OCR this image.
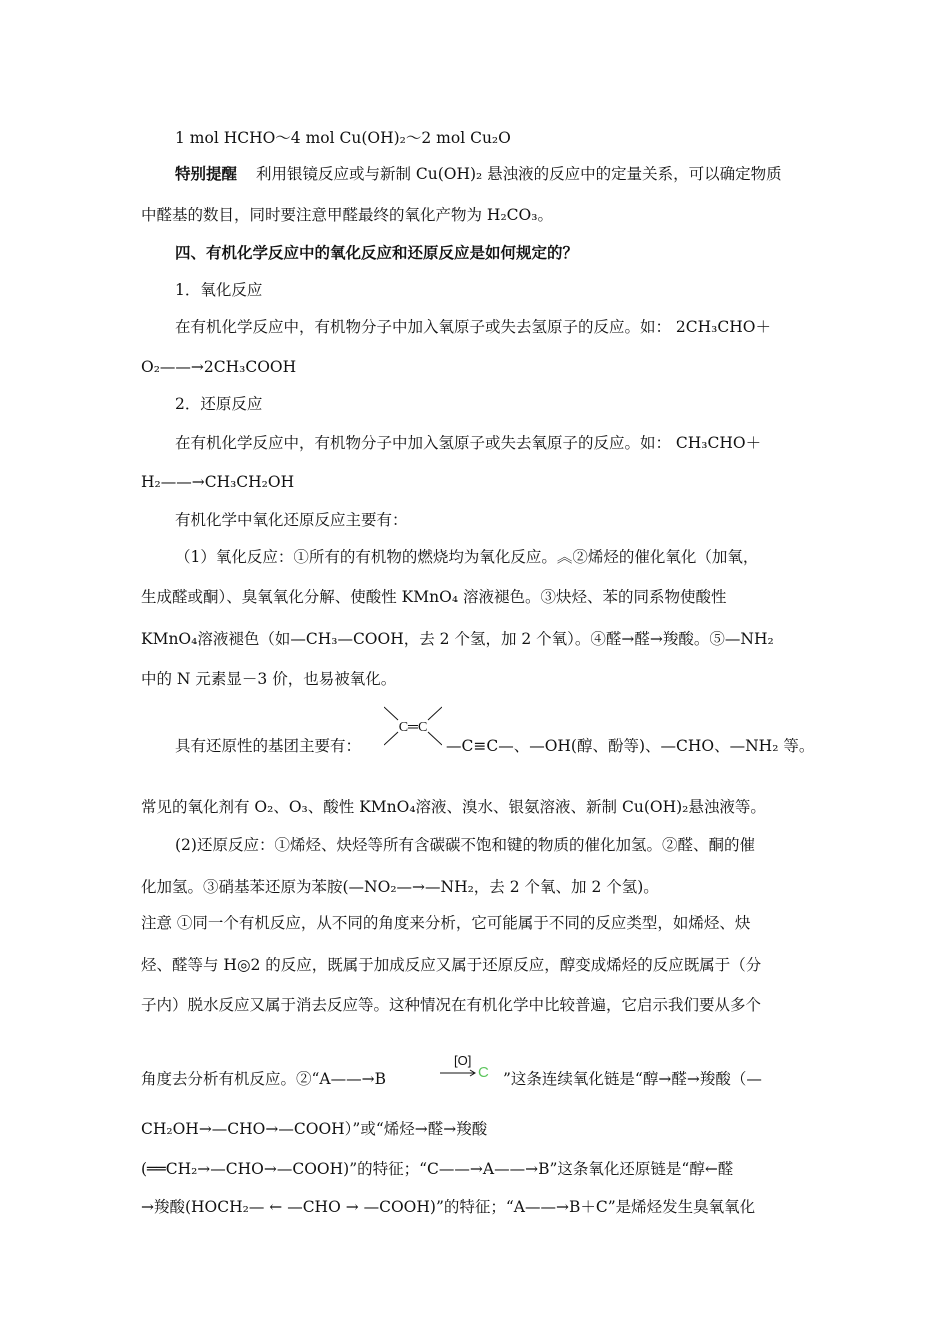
1 mol HCHO～4 mol Cu(OH)₂～2 mol Cu₂O
特别提醒 利用银镜反应或与新制 Cu(OH)₂ 悬浊液的反应中的定量关系，可以确定物质
中醛基的数目，同时要注意甲醛最终的氧化产物为 H₂CO₃。
四、有机化学反应中的氧化反应和还原反应是如何规定的？
1．氧化反应
在有机化学反应中，有机物分子中加入氧原子或失去氢原子的反应。如： 2CH₃CHO＋
O₂——→2CH₃COOH
2．还原反应
在有机化学反应中，有机物分子中加入氢原子或失去氧原子的反应。如： CH₃CHO＋
H₂——→CH₃CH₂OH
有机化学中氧化还原反应主要有：
（1）氧化反应：①所有的有机物的燃烧均为氧化反应。︽②烯烃的催化氧化（加氧，
生成醛或酮）、臭氧氧化分解、使酸性 KMnO₄ 溶液褪色。③炔烃、苯的同系物使酸性
KMnO₄溶液褪色（如—CH₃—COOH，去 2 个氢，加 2 个氧）。④醛→醛→羧酸。⑤—NH₂
中的 N 元素显－3 价，也易被氧化。
具有还原性的基团主要有：
C═C
—C≡C—、—OH(醇、酚等)、—CHO、—NH₂ 等。
常见的氧化剂有 O₂、O₃、酸性 KMnO₄溶液、溴水、银氨溶液、新制 Cu(OH)₂悬浊液等。
(2)还原反应：①烯烃、炔烃等所有含碳碳不饱和键的物质的催化加氢。②醛、酮的催
化加氢。③硝基苯还原为苯胺(—NO₂—→—NH₂，去 2 个氧、加 2 个氢)。
注意 ①同一个有机反应，从不同的角度来分析，它可能属于不同的反应类型，如烯烃、炔
烃、醛等与 H◎2 的反应，既属于加成反应又属于还原反应，醇变成烯烃的反应既属于（分
子内）脱水反应又属于消去反应等。这种情况在有机化学中比较普遍，它启示我们要从多个
角度去分析有机反应。②“A——→B
[O]
C ”这条连续氧化链是“醇→醛→羧酸（—
CH₂OH→—CHO→—COOH）”或“烯烃→醛→羧酸
(══CH₂→—CHO→—COOH)”的特征；“C——→A——→B”这条氧化还原链是“醇←醛
→羧酸(HOCH₂— ← —CHO → —COOH)”的特征；“A——→B＋C”是烯烃发生臭氧氧化
